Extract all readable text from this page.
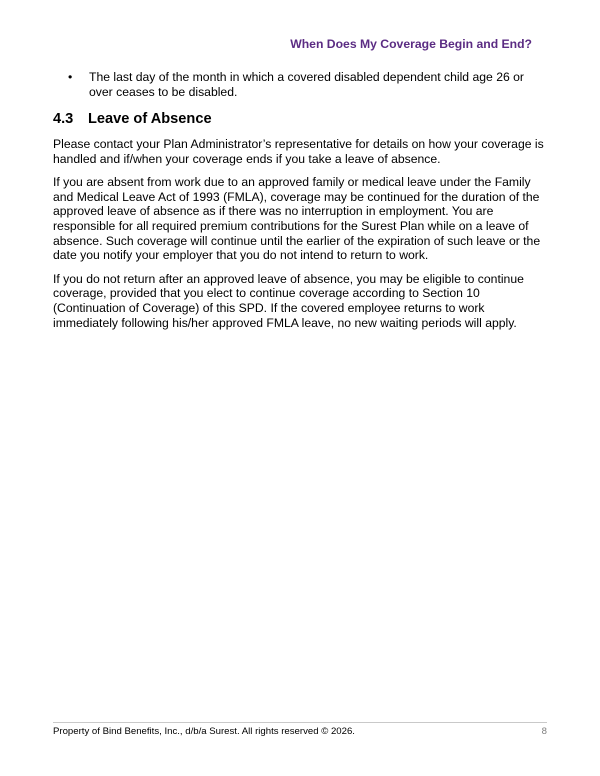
When Does My Coverage Begin and End?
• The last day of the month in which a covered disabled dependent child age 26 or over ceases to be disabled.
4.3	Leave of Absence

Please contact your Plan Administrator’s representative for details on how your coverage is handled and if/when your coverage ends if you take a leave of absence.

If you are absent from work due to an approved family or medical leave under the Family and Medical Leave Act of 1993 (FMLA), coverage may be continued for the duration of the approved leave of absence as if there was no interruption in employment. You are responsible for all required premium contributions for the Surest Plan while on a leave of absence. Such coverage will continue until the earlier of the expiration of such leave or the date you notify your employer that you do not intend to return to work.

If you do not return after an approved leave of absence, you may be eligible to continue coverage, provided that you elect to continue coverage according to Section 10 (Continuation of Coverage) of this SPD. If the covered employee returns to work immediately following his/her approved FMLA leave, no new waiting periods will apply.

Property of Bind Benefits, Inc., d/b/a Surest. All rights reserved © 2026.	8
